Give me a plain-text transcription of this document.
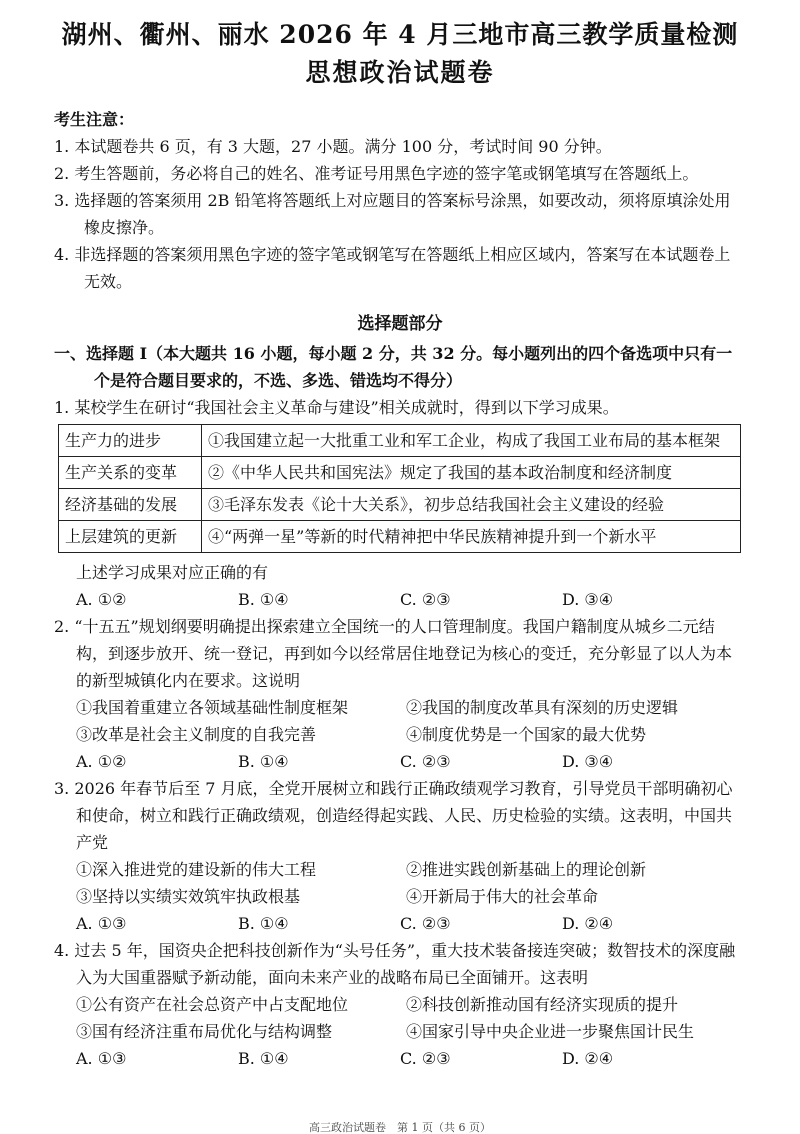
湖州、衢州、丽水 2026 年 4 月三地市高三教学质量检测
思想政治试题卷
考生注意：
1. 本试题卷共 6 页，有 3 大题，27 小题。满分 100 分，考试时间 90 分钟。
2. 考生答题前，务必将自己的姓名、准考证号用黑色字迹的签字笔或钢笔填写在答题纸上。
3. 选择题的答案须用 2B 铅笔将答题纸上对应题目的答案标号涂黑，如要改动，须将原填涂处用橡皮擦净。
4. 非选择题的答案须用黑色字迹的签字笔或钢笔写在答题纸上相应区域内，答案写在本试题卷上无效。
选择题部分
一、选择题 I（本大题共 16 小题，每小题 2 分，共 32 分。每小题列出的四个备选项中只有一个是符合题目要求的，不选、多选、错选均不得分）
1. 某校学生在研讨“我国社会主义革命与建设”相关成就时，得到以下学习成果。
生产力的进步	①我国建立起一大批重工业和军工企业，构成了我国工业布局的基本框架
生产关系的变革	②《中华人民共和国宪法》规定了我国的基本政治制度和经济制度
经济基础的发展	③毛泽东发表《论十大关系》，初步总结我国社会主义建设的经验
上层建筑的更新	④“两弹一星”等新的时代精神把中华民族精神提升到一个新水平
上述学习成果对应正确的有
A. ①②	B. ①④	C. ②③	D. ③④
2. “十五五”规划纲要明确提出探索建立全国统一的人口管理制度。我国户籍制度从城乡二元结构，到逐步放开、统一登记，再到如今以经常居住地登记为核心的变迁，充分彰显了以人为本的新型城镇化内在要求。这说明
①我国着重建立各领域基础性制度框架	②我国的制度改革具有深刻的历史逻辑
③改革是社会主义制度的自我完善	④制度优势是一个国家的最大优势
A. ①②	B. ①④	C. ②③	D. ③④
3. 2026 年春节后至 7 月底，全党开展树立和践行正确政绩观学习教育，引导党员干部明确初心和使命，树立和践行正确政绩观，创造经得起实践、人民、历史检验的实绩。这表明，中国共产党
①深入推进党的建设新的伟大工程	②推进实践创新基础上的理论创新
③坚持以实绩实效筑牢执政根基	④开新局于伟大的社会革命
A. ①③	B. ①④	C. ②③	D. ②④
4. 过去 5 年，国资央企把科技创新作为“头号任务”，重大技术装备接连突破；数智技术的深度融入为大国重器赋予新动能，面向未来产业的战略布局已全面铺开。这表明
①公有资产在社会总资产中占支配地位	②科技创新推动国有经济实现质的提升
③国有经济注重布局优化与结构调整	④国家引导中央企业进一步聚焦国计民生
A. ①③	B. ①④	C. ②③	D. ②④
高三政治试题卷　第 1 页（共 6 页）
